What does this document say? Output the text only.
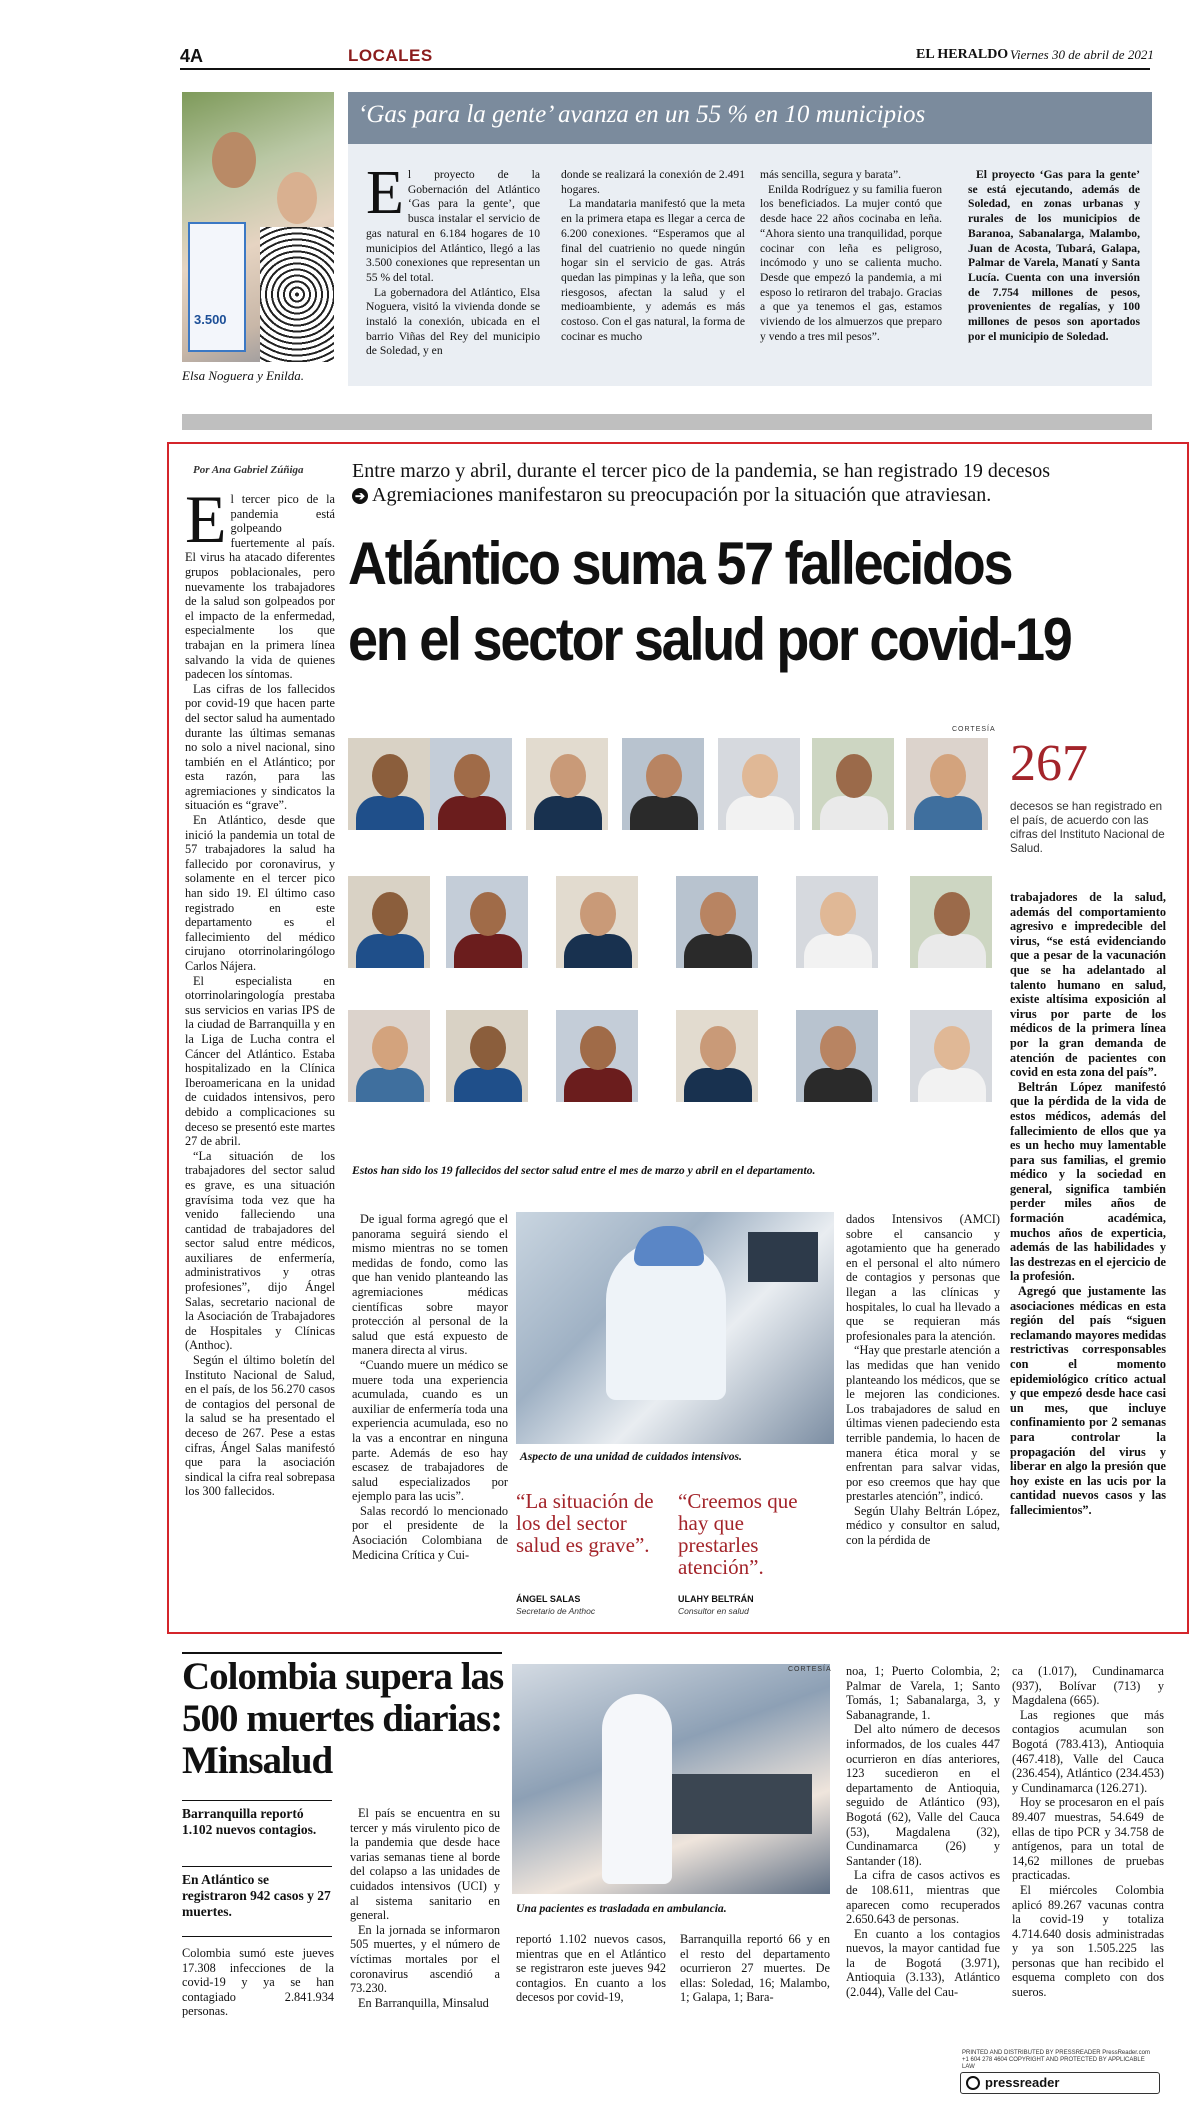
4A	LOCALES	EL HERALDO Viernes 30 de abril de 2021
3.500
Elsa Noguera y Enilda.
‘Gas para la gente’ avanza en un 55 % en 10 municipios

El proyecto de la Gobernación del Atlántico ‘Gas para la gente’, que busca instalar el servicio de gas natural en 6.184 hogares de 10 municipios del Atlántico, llegó a las 3.500 conexiones que representan un 55 % del total.

La gobernadora del Atlántico, Elsa Noguera, visitó la vivienda donde se instaló la conexión, ubicada en el barrio Viñas del Rey del municipio de Soledad, y en

donde se realizará la conexión de 2.491 hogares.

La mandataria manifestó que la meta en la primera etapa es llegar a cerca de 6.200 conexiones. “Esperamos que al final del cuatrienio no quede ningún hogar sin el servicio de gas. Atrás quedan las pimpinas y la leña, que son riesgosos, afectan la salud y el medioambiente, y además es más costoso. Con el gas natural, la forma de cocinar es mucho

más sencilla, segura y barata”.

Enilda Rodríguez y su familia fueron los beneficiados. La mujer contó que desde hace 22 años cocinaba en leña. “Ahora siento una tranquilidad, porque cocinar con leña es peligroso, incómodo y uno se calienta mucho. Desde que empezó la pandemia, a mi esposo lo retiraron del trabajo. Gracias a que ya tenemos el gas, estamos viviendo de los almuerzos que preparo y vendo a tres mil pesos”.

El proyecto ‘Gas para la gente’ se está ejecutando, además de Soledad, en zonas urbanas y rurales de los municipios de Baranoa, Sabanalarga, Malambo, Juan de Acosta, Tubará, Galapa, Palmar de Varela, Manatí y Santa Lucía. Cuenta con una inversión de 7.754 millones de pesos, provenientes de regalías, y 100 millones de pesos son aportados por el municipio de Soledad.

Por Ana Gabriel Zúñiga Entre marzo y abril, durante el tercer pico de la pandemia, se han registrado 19 decesos
➔ Agremiaciones manifestaron su preocupación por la situación que atraviesan.
Atlántico suma 57 fallecidos
en el sector salud por covid-19

El tercer pico de la pandemia está golpeando fuertemente al país. El virus ha atacado diferentes grupos poblacionales, pero nuevamente los trabajadores de la salud son golpeados por el impacto de la enfermedad, especialmente los que trabajan en la primera línea salvando la vida de quienes padecen los síntomas.

Las cifras de los fallecidos por covid-19 que hacen parte del sector salud ha aumentado durante las últimas semanas no solo a nivel nacional, sino también en el Atlántico; por esta razón, para las agremiaciones y sindicatos la situación es “grave”.

En Atlántico, desde que inició la pandemia un total de 57 trabajadores la salud ha fallecido por coronavirus, y solamente en el tercer pico han sido 19. El último caso registrado en este departamento es el fallecimiento del médico cirujano otorrinolaringólogo Carlos Nájera.

El especialista en otorrinolaringología prestaba sus servicios en varias IPS de la ciudad de Barranquilla y en la Liga de Lucha contra el Cáncer del Atlántico. Estaba hospitalizado en la Clínica Iberoamericana en la unidad de cuidados intensivos, pero debido a complicaciones su deceso se presentó este martes 27 de abril.

“La situación de los trabajadores del sector salud es grave, es una situación gravísima toda vez que ha venido falleciendo una cantidad de trabajadores del sector salud entre médicos, auxiliares de enfermería, administrativos y otras profesiones”, dijo Ángel Salas, secretario nacional de la Asociación de Trabajadores de Hospitales y Clínicas (Anthoc).

Según el último boletín del Instituto Nacional de Salud, en el país, de los 56.270 casos de contagios del personal de la salud se ha presentado el deceso de 267. Pese a estas cifras, Ángel Salas manifestó que para la asociación sindical la cifra real sobrepasa los 300 fallecidos.

CORTESÍA
267
decesos se han registrado en el país, de acuerdo con las cifras del Instituto Nacional de Salud.
Estos han sido los 19 fallecidos del sector salud entre el mes de marzo y abril en el departamento.

trabajadores de la salud, además del comportamiento agresivo e impredecible del virus, “se está evidenciando que a pesar de la vacunación que se ha adelantado al talento humano en salud, existe altísima exposición al virus por parte de los médicos de la primera línea por la gran demanda de atención de pacientes con covid en esta zona del país”.

Beltrán López manifestó que la pérdida de la vida de estos médicos, además del fallecimiento de ellos que ya es un hecho muy lamentable para sus familias, el gremio médico y la sociedad en general, significa también perder miles años de formación académica, muchos años de experticia, además de las habilidades y las destrezas en el ejercicio de la profesión.

Agregó que justamente las asociaciones médicas en esta región del país “siguen reclamando mayores medidas restrictivas corresponsables con el momento epidemiológico crítico actual y que empezó desde hace casi un mes, que incluye confinamiento por 2 semanas para controlar la propagación del virus y liberar en algo la presión que hoy existe en las ucis por la cantidad nuevos casos y las fallecimientos”.

De igual forma agregó que el panorama seguirá siendo el mismo mientras no se tomen medidas de fondo, como las que han venido planteando las agremiaciones médicas científicas sobre mayor protección al personal de la salud que está expuesto de manera directa al virus.

“Cuando muere un médico se muere toda una experiencia acumulada, cuando es un auxiliar de enfermería toda una experiencia acumulada, eso no la vas a encontrar en ninguna parte. Además de eso hay escasez de trabajadores de salud especializados por ejemplo para las ucis”.

Salas recordó lo mencionado por el presidente de la Asociación Colombiana de Medicina Crítica y Cui-

Aspecto de una unidad de cuidados intensivos.
“La situación de los del sector salud es grave”.
ÁNGEL SALAS
Secretario de Anthoc
“Creemos que hay que prestarles atención”.
ULAHY BELTRÁN
Consultor en salud

dados Intensivos (AMCI) sobre el cansancio y agotamiento que ha generado en el personal el alto número de contagios y personas que llegan a las clínicas y hospitales, lo cual ha llevado a que se requieran más profesionales para la atención.

“Hay que prestarle atención a las medidas que han venido planteando los médicos, que se le mejoren las condiciones. Los trabajadores de salud en últimas vienen padeciendo esta terrible pandemia, lo hacen de manera ética moral y se enfrentan para salvar vidas, por eso creemos que hay que prestarles atención”, indicó.

Según Ulahy Beltrán López, médico y consultor en salud, con la pérdida de

Colombia supera las 500 muertes diarias: Minsalud
Barranquilla reportó 1.102 nuevos contagios.
En Atlántico se registraron 942 casos y 27 muertes.
Colombia sumó este jueves 17.308 infecciones de la covid-19 y ya se han contagiado 2.841.934 personas.

El país se encuentra en su tercer y más virulento pico de la pandemia que desde hace varias semanas tiene al borde del colapso a las unidades de cuidados intensivos (UCI) y al sistema sanitario en general.

En la jornada se informaron 505 muertes, y el número de víctimas mortales por el coronavirus ascendió a 73.230.

En Barranquilla, Minsalud

CORTESÍA
Una pacientes es trasladada en ambulancia.
reportó 1.102 nuevos casos, mientras que en el Atlántico se registraron este jueves 942 contagios. En cuanto a los decesos por covid-19,
Barranquilla reportó 66 y en el resto del departamento ocurrieron 27 muertes. De ellas: Soledad, 16; Malambo, 1; Galapa, 1; Bara-

noa, 1; Puerto Colombia, 2; Palmar de Varela, 1; Santo Tomás, 1; Sabanalarga, 3, y Sabanagrande, 1.

Del alto número de decesos informados, de los cuales 447 ocurrieron en días anteriores, 123 sucedieron en el departamento de Antioquia, seguido de Atlántico (93), Bogotá (62), Valle del Cauca (53), Magdalena (32), Cundinamarca (26) y Santander (18).

La cifra de casos activos es de 108.611, mientras que aparecen como recuperados 2.650.643 de personas.

En cuanto a los contagios nuevos, la mayor cantidad fue la de Bogotá (3.971), Antioquia (3.133), Atlántico (2.044), Valle del Cau-

ca (1.017), Cundinamarca (937), Bolívar (713) y Magdalena (665).

Las regiones que más contagios acumulan son Bogotá (783.413), Antioquia (467.418), Valle del Cauca (236.454), Atlántico (234.453) y Cundinamarca (126.271).

Hoy se procesaron en el país 89.407 muestras, 54.649 de ellas de tipo PCR y 34.758 de antígenos, para un total de 14,62 millones de pruebas practicadas.

El miércoles Colombia aplicó 89.267 vacunas contra la covid-19 y totaliza 4.714.640 dosis administradas y ya son 1.505.225 las personas que han recibido el esquema completo con dos sueros.

PRINTED AND DISTRIBUTED BY PRESSREADER PressReader.com +1 604 278 4604 COPYRIGHT AND PROTECTED BY APPLICABLE LAW
pressreader
